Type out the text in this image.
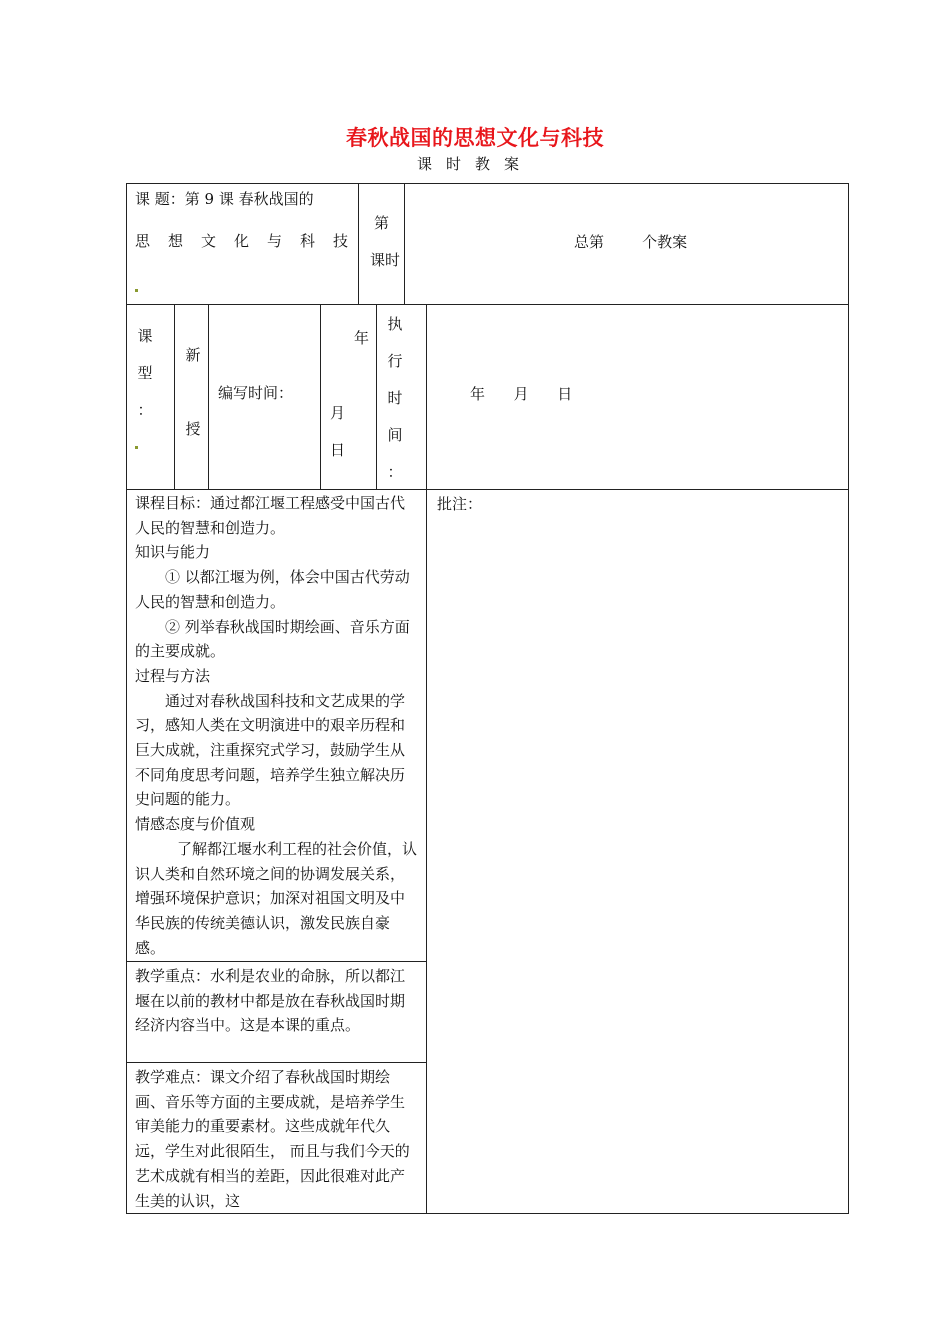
春秋战国的思想文化与科技
课时教案
课 题：第 9 课 春秋战国的
思想文化与科技
第
课时
总第        个教案
课
型
：
新
授
编写时间：
年
月
日
执
行
时
间
：
年      月      日

课程目标：通过都江堰工程感受中国古代人民的智慧和创造力。

知识与能力

① 以都江堰为例，体会中国古代劳动人民的智慧和创造力。

② 列举春秋战国时期绘画、音乐方面的主要成就。

过程与方法

通过对春秋战国科技和文艺成果的学习，感知人类在文明演进中的艰辛历程和巨大成就，注重探究式学习，鼓励学生从不同角度思考问题，培养学生独立解决历史问题的能力。

情感态度与价值观

了解都江堰水利工程的社会价值，认识人类和自然环境之间的协调发展关系，增强环境保护意识；加深对祖国文明及中华民族的传统美德认识，激发民族自豪感。

批注：
教学重点：水利是农业的命脉，所以都江堰在以前的教材中都是放在春秋战国时期经济内容当中。这是本课的重点。
教学难点：课文介绍了春秋战国时期绘画、音乐等方面的主要成就，是培养学生审美能力的重要素材。这些成就年代久远，学生对此很陌生， 而且与我们今天的艺术成就有相当的差距，因此很难对此产生美的认识，这
